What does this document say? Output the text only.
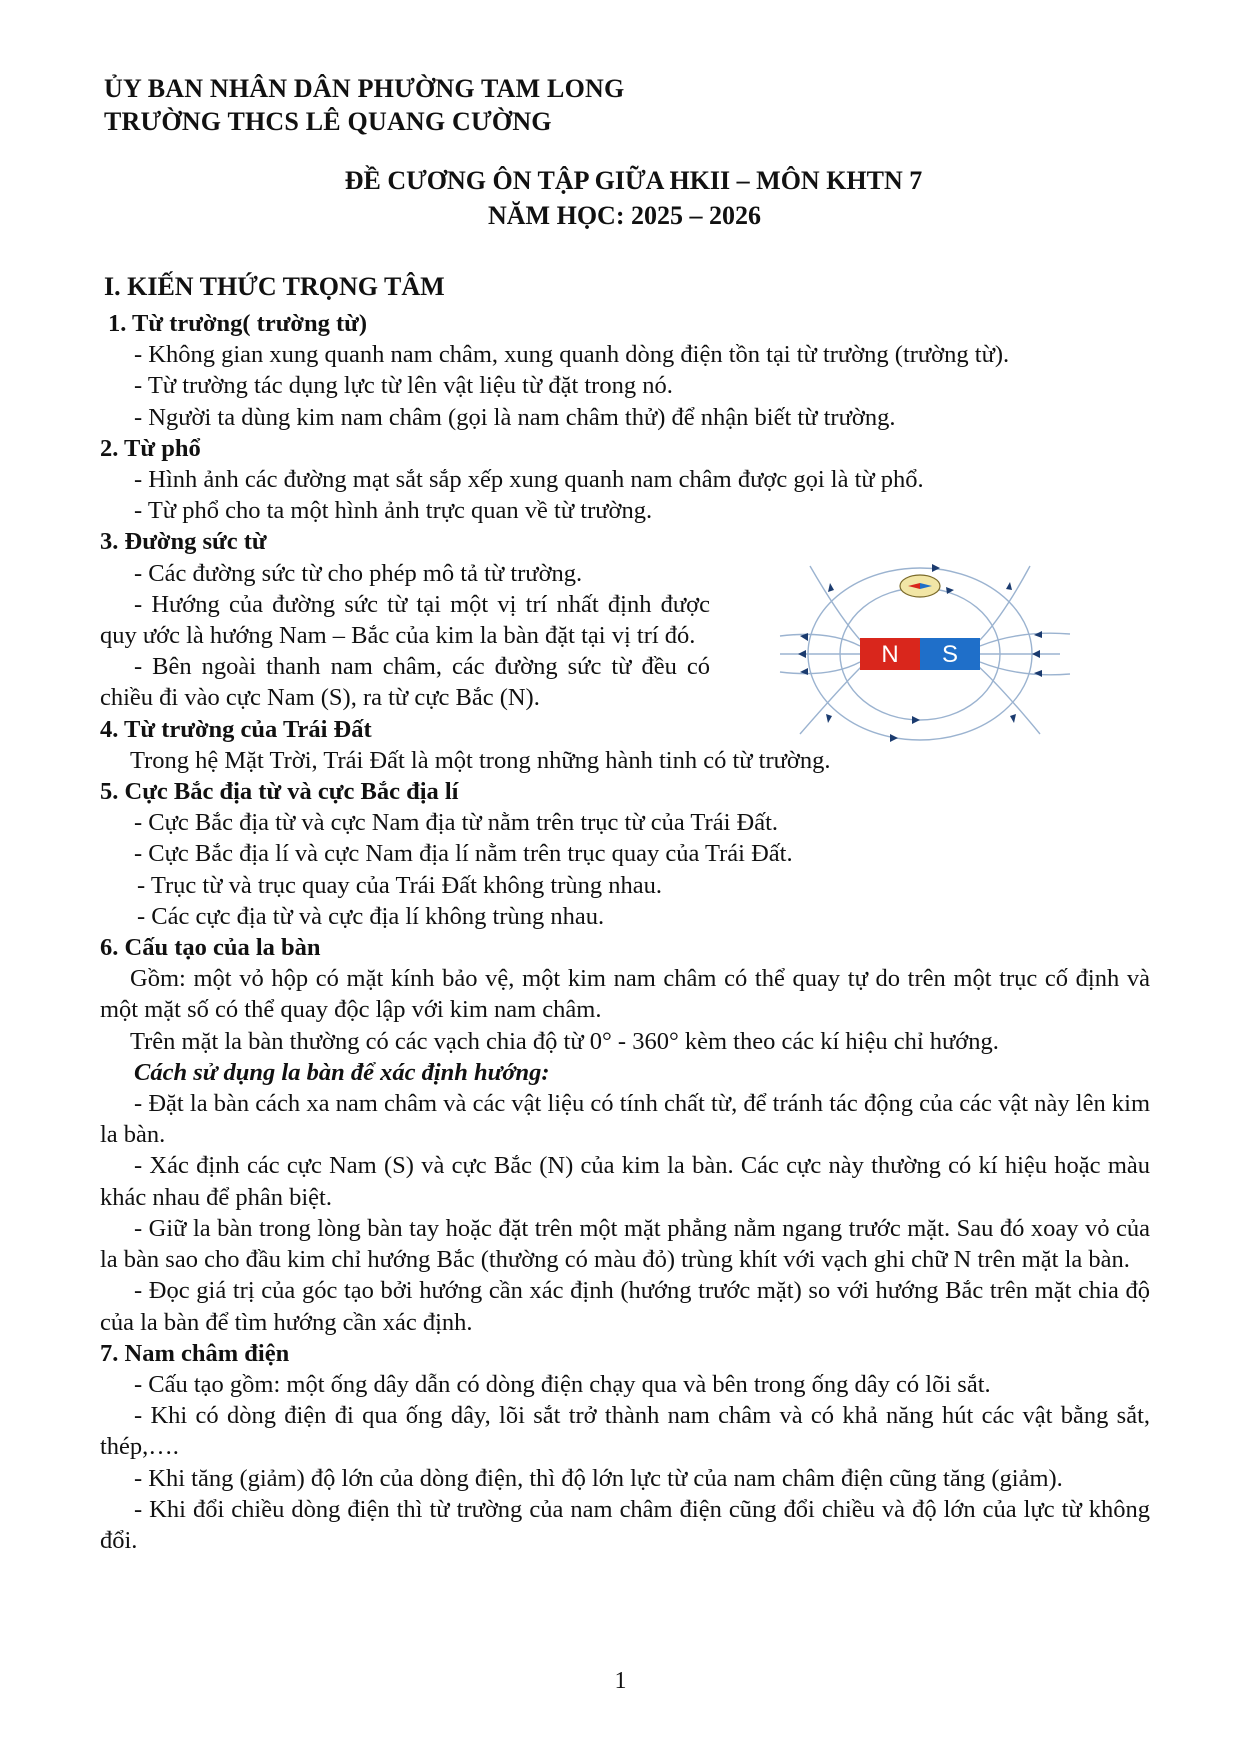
ỦY BAN NHÂN DÂN PHƯỜNG TAM LONG
TRƯỜNG THCS LÊ QUANG CƯỜNG
ĐỀ CƯƠNG ÔN TẬP GIỮA HKII – MÔN KHTN 7
NĂM HỌC: 2025 – 2026
I. KIẾN THỨC TRỌNG TÂM
1. Từ trường( trường từ)
- Không gian xung quanh nam châm, xung quanh dòng điện tồn tại từ trường (trường từ).
- Từ trường tác dụng lực từ lên vật liệu từ đặt trong nó.
- Người ta dùng kim nam châm (gọi là nam châm thử) để nhận biết từ trường.
2. Từ phổ
- Hình ảnh các đường mạt sắt sắp xếp xung quanh nam châm được gọi là từ phổ.
- Từ phổ cho ta một hình ảnh trực quan về từ trường.
3. Đường sức từ
- Các đường sức từ cho phép mô tả từ trường.
- Hướng của đường sức từ tại một vị trí nhất định được quy ước là hướng Nam – Bắc của kim la bàn đặt tại vị trí đó.
- Bên ngoài thanh nam châm, các đường sức từ đều có chiều đi vào cực Nam (S), ra từ cực Bắc (N).
N S
4. Từ trường của Trái Đất
Trong hệ Mặt Trời, Trái Đất là một trong những hành tinh có từ trường.
5. Cực Bắc địa từ và cực Bắc địa lí
- Cực Bắc địa từ và cực Nam địa từ nằm trên trục từ của Trái Đất.
- Cực Bắc địa lí và cực Nam địa lí nằm trên trục quay của Trái Đất.
- Trục từ và trục quay của Trái Đất không trùng nhau.
- Các cực địa từ và cực địa lí không trùng nhau.
6. Cấu tạo của la bàn
Gồm: một vỏ hộp có mặt kính bảo vệ, một kim nam châm có thể quay tự do trên một trục cố định và một mặt số có thể quay độc lập với kim nam châm.
Trên mặt la bàn thường có các vạch chia độ từ 0° - 360° kèm theo các kí hiệu chỉ hướng.
Cách sử dụng la bàn để xác định hướng:
- Đặt la bàn cách xa nam châm và các vật liệu có tính chất từ, để tránh tác động của các vật này lên kim la bàn.
- Xác định các cực Nam (S) và cực Bắc (N) của kim la bàn. Các cực này thường có kí hiệu hoặc màu khác nhau để phân biệt.
- Giữ la bàn trong lòng bàn tay hoặc đặt trên một mặt phẳng nằm ngang trước mặt. Sau đó xoay vỏ của la bàn sao cho đầu kim chỉ hướng Bắc (thường có màu đỏ) trùng khít với vạch ghi chữ N trên mặt la bàn.
- Đọc giá trị của góc tạo bởi hướng cần xác định (hướng trước mặt) so với hướng Bắc trên mặt chia độ của la bàn để tìm hướng cần xác định.
7. Nam châm điện
- Cấu tạo gồm: một ống dây dẫn có dòng điện chạy qua và bên trong ống dây có lõi sắt.
- Khi có dòng điện đi qua ống dây, lõi sắt trở thành nam châm và có khả năng hút các vật bằng sắt, thép,….
- Khi tăng (giảm) độ lớn của dòng điện, thì độ lớn lực từ của nam châm điện cũng tăng (giảm).
- Khi đổi chiều dòng điện thì từ trường của nam châm điện cũng đổi chiều và độ lớn của lực từ không đổi.
1
